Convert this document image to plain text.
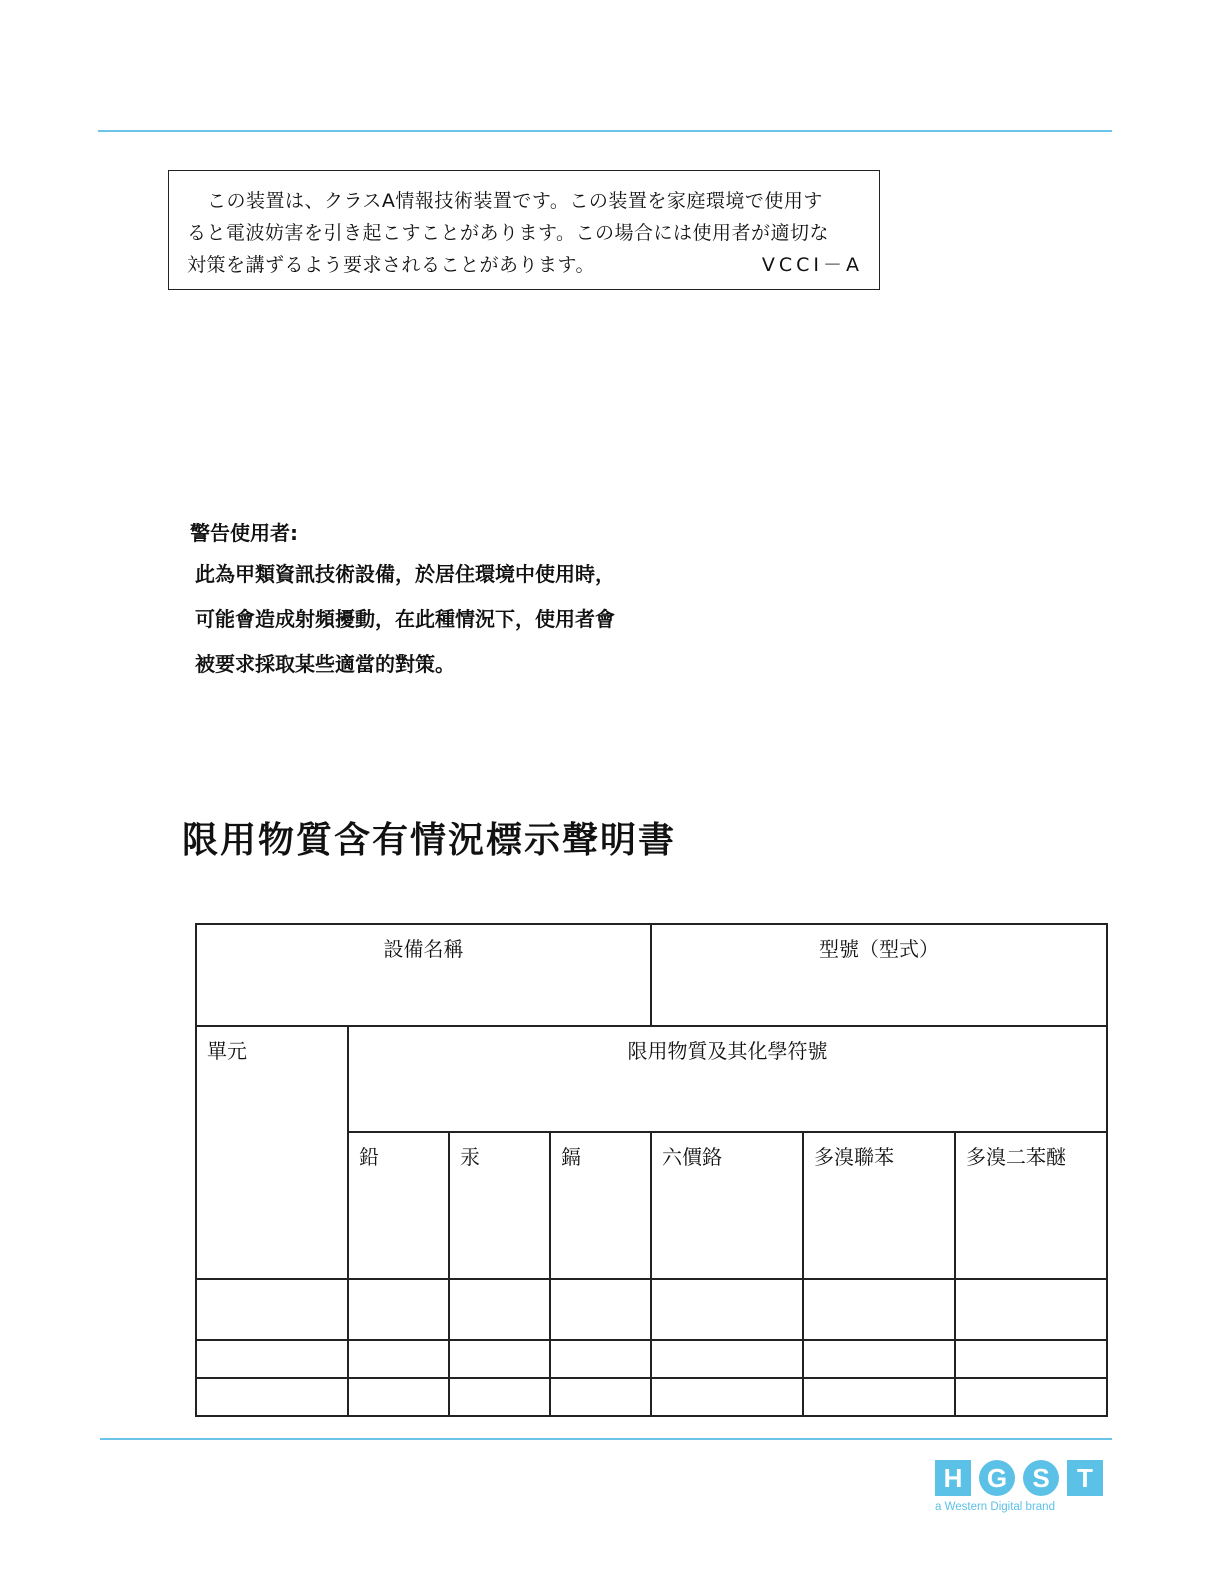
この装置は、クラスA情報技術装置です。この装置を家庭環境で使用す
ると電波妨害を引き起こすことがあります。この場合には使用者が適切な
VCCI－A
対策を講ずるよう要求されることがあります。
警告使用者:
此為甲類資訊技術設備，於居住環境中使用時，
可能會造成射頻擾動，在此種情況下，使用者會
被要求採取某些適當的對策。
限用物質含有情況標示聲明書
設備名稱				型號（型式）		
單元	限用物質及其化學符號					
	鉛	汞	鎘	六價鉻	多溴聯苯	多溴二苯醚

H G S	T
a Western Digital brand
